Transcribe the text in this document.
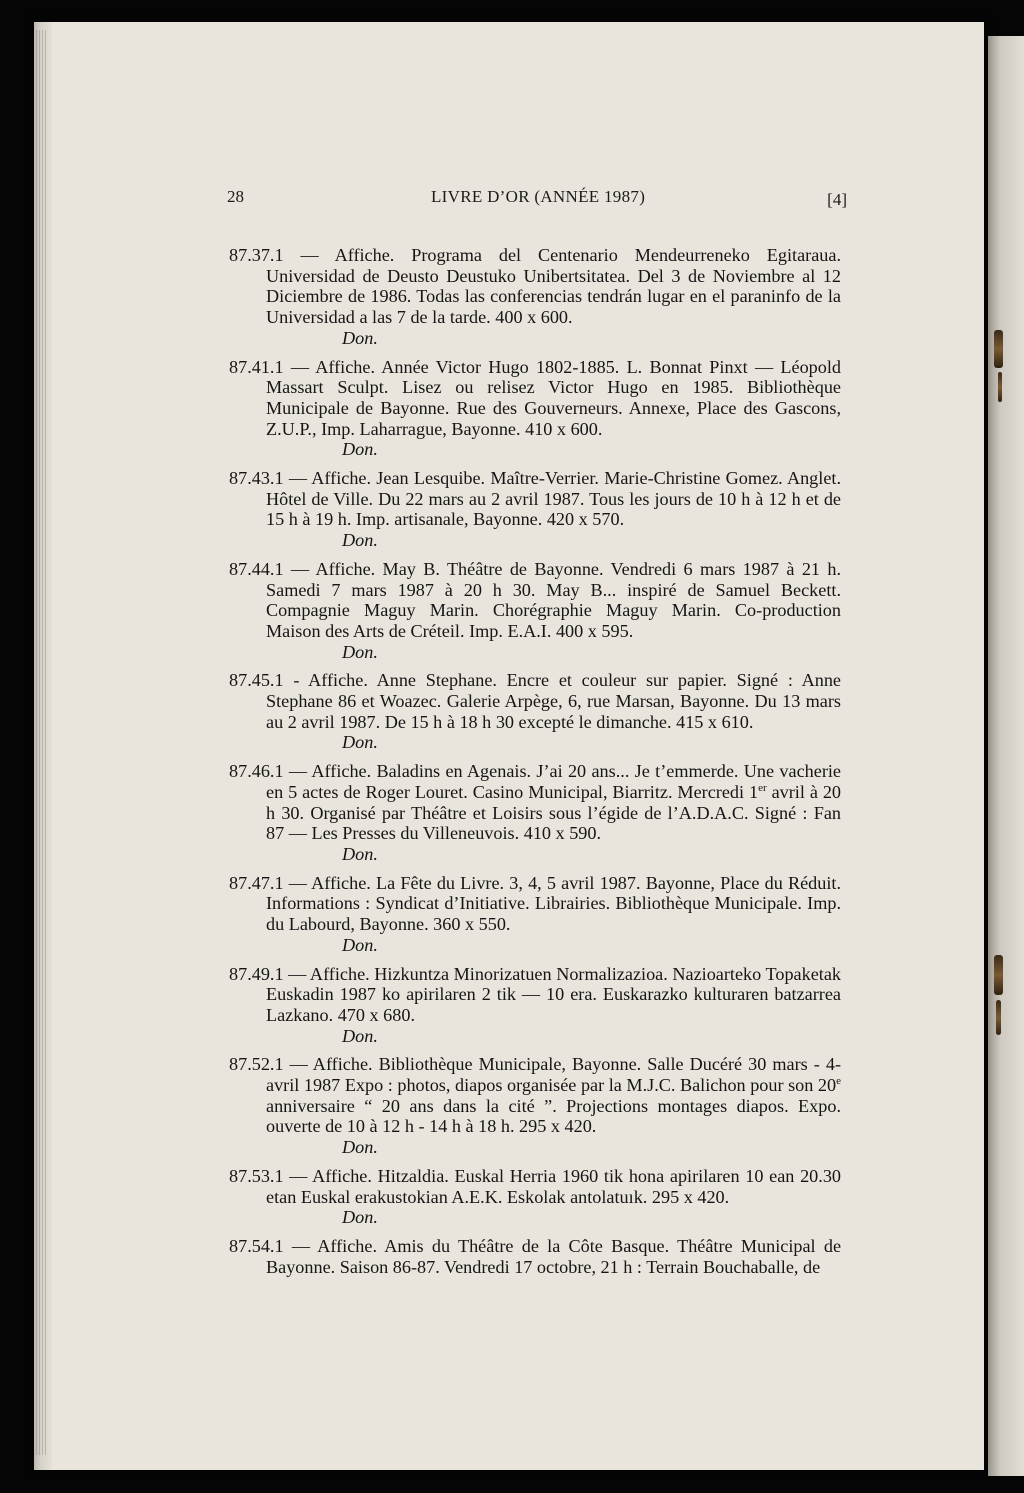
28	LIVRE D’OR (ANNÉE 1987)	[4]
87.37.1 — Affiche. Programa del Centenario Mendeurreneko Egitaraua. Universidad de Deusto Deustuko Unibertsitatea. Del 3 de Noviembre al 12 Diciembre de 1986. Todas las conferencias tendrán lugar en el paraninfo de la Universidad a las 7 de la tarde. 400 x 600.
Don.
87.41.1 — Affiche. Année Victor Hugo 1802-1885. L. Bonnat Pinxt — Léopold Massart Sculpt. Lisez ou relisez Victor Hugo en 1985. Bibliothèque Municipale de Bayonne. Rue des Gouverneurs. Annexe, Place des Gascons, Z.U.P., Imp. Laharrague, Bayonne. 410 x 600.
Don.
87.43.1 — Affiche. Jean Lesquibe. Maître-Verrier. Marie-Christine Gomez. Anglet. Hôtel de Ville. Du 22 mars au 2 avril 1987. Tous les jours de 10 h à 12 h et de 15 h à 19 h. Imp. artisanale, Bayonne. 420 x 570.
Don.
87.44.1 — Affiche. May B. Théâtre de Bayonne. Vendredi 6 mars 1987 à 21 h. Samedi 7 mars 1987 à 20 h 30. May B... inspiré de Samuel Beckett. Compagnie Maguy Marin. Chorégraphie Maguy Marin. Co-production Maison des Arts de Créteil. Imp. E.A.I. 400 x 595.
Don.
87.45.1 - Affiche. Anne Stephane. Encre et couleur sur papier. Signé : Anne Stephane 86 et Woazec. Galerie Arpège, 6, rue Marsan, Bayonne. Du 13 mars au 2 avril 1987. De 15 h à 18 h 30 excepté le dimanche. 415 x 610.
Don.
87.46.1 — Affiche. Baladins en Agenais. J’ai 20 ans... Je t’emmerde. Une vacherie en 5 actes de Roger Louret. Casino Municipal, Biarritz. Mercredi 1er avril à 20 h 30. Organisé par Théâtre et Loisirs sous l’égide de l’A.D.A.C. Signé : Fan 87 — Les Presses du Villeneuvois. 410 x 590.
Don.
87.47.1 — Affiche. La Fête du Livre. 3, 4, 5 avril 1987. Bayonne, Place du Réduit. Informations : Syndicat d’Initiative. Librairies. Bibliothèque Municipale. Imp. du Labourd, Bayonne. 360 x 550.
Don.
87.49.1 — Affiche. Hizkuntza Minorizatuen Normalizazioa. Nazioarteko Topaketak Euskadin 1987 ko apirilaren 2 tik — 10 era. Euskarazko kulturaren batzarrea Lazkano. 470 x 680.
Don.
87.52.1 — Affiche. Bibliothèque Municipale, Bayonne. Salle Ducéré 30 mars - 4-avril 1987 Expo : photos, diapos organisée par la M.J.C. Balichon pour son 20e anniversaire “ 20 ans dans la cité ”. Projections montages diapos. Expo. ouverte de 10 à 12 h - 14 h à 18 h. 295 x 420.
Don.
87.53.1 — Affiche. Hitzaldia. Euskal Herria 1960 tik hona apirilaren 10 ean 20.30 etan Euskal erakustokian A.E.K. Eskolak antolatuık. 295 x 420.
Don.
87.54.1 — Affiche. Amis du Théâtre de la Côte Basque. Théâtre Municipal de Bayonne. Saison 86-87. Vendredi 17 octobre, 21 h : Terrain Bouchaballe, de
